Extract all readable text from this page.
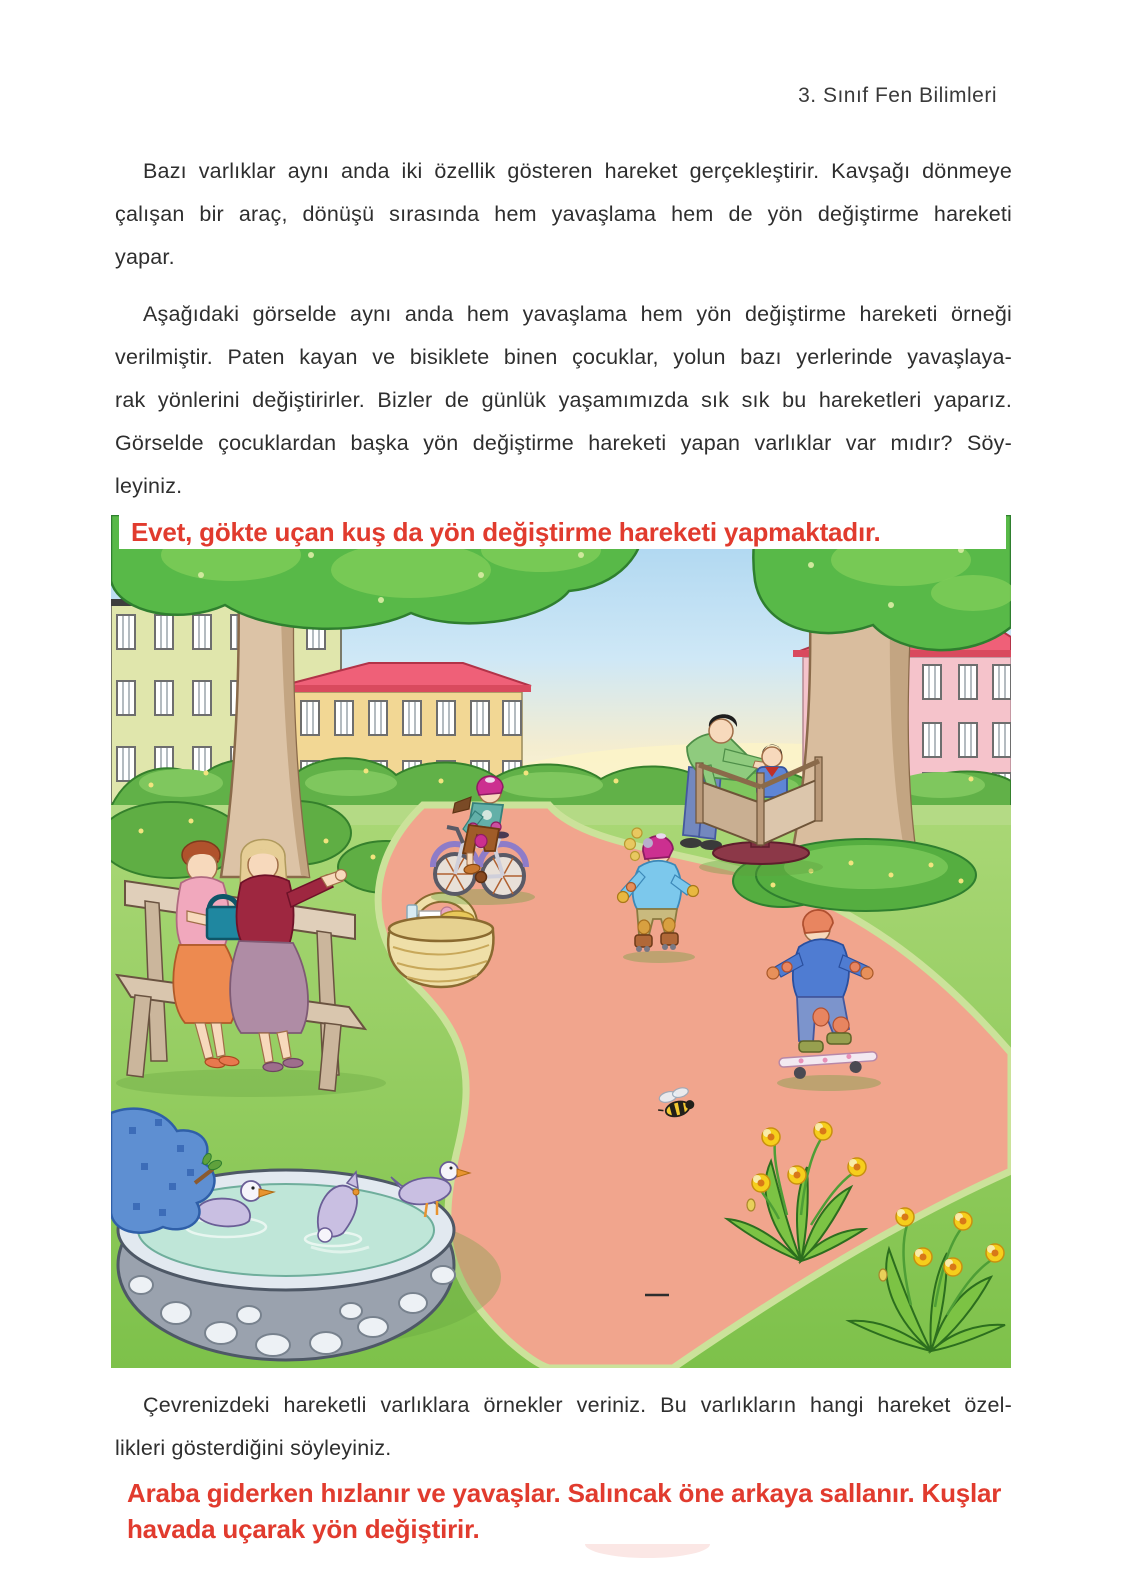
3. Sınıf Fen Bilimleri
Bazı varlıklar aynı anda iki özellik gösteren hareket gerçekleştirir. Kavşağı dönmeye
çalışan bir araç, dönüşü sırasında hem yavaşlama hem de yön değiştirme hareketi
yapar.
Aşağıdaki görselde aynı anda hem yavaşlama hem yön değiştirme hareketi örneği
verilmiştir. Paten kayan ve bisiklete binen çocuklar, yolun bazı yerlerinde yavaşlaya-
rak yönlerini değiştirirler. Bizler de günlük yaşamımızda sık sık bu hareketleri yaparız.
Görselde çocuklardan başka yön değiştirme hareketi yapan varlıklar var mıdır? Söy-
leyiniz.
Evet, gökte uçan kuş da yön değiştirme hareketi yapmaktadır.
Çevrenizdeki hareketli varlıklara örnekler veriniz. Bu varlıkların hangi hareket özel-
likleri gösterdiğini söyleyiniz.
Araba giderken hızlanır ve yavaşlar. Salıncak öne arkaya sallanır. Kuşlar
havada uçarak yön değiştirir.
